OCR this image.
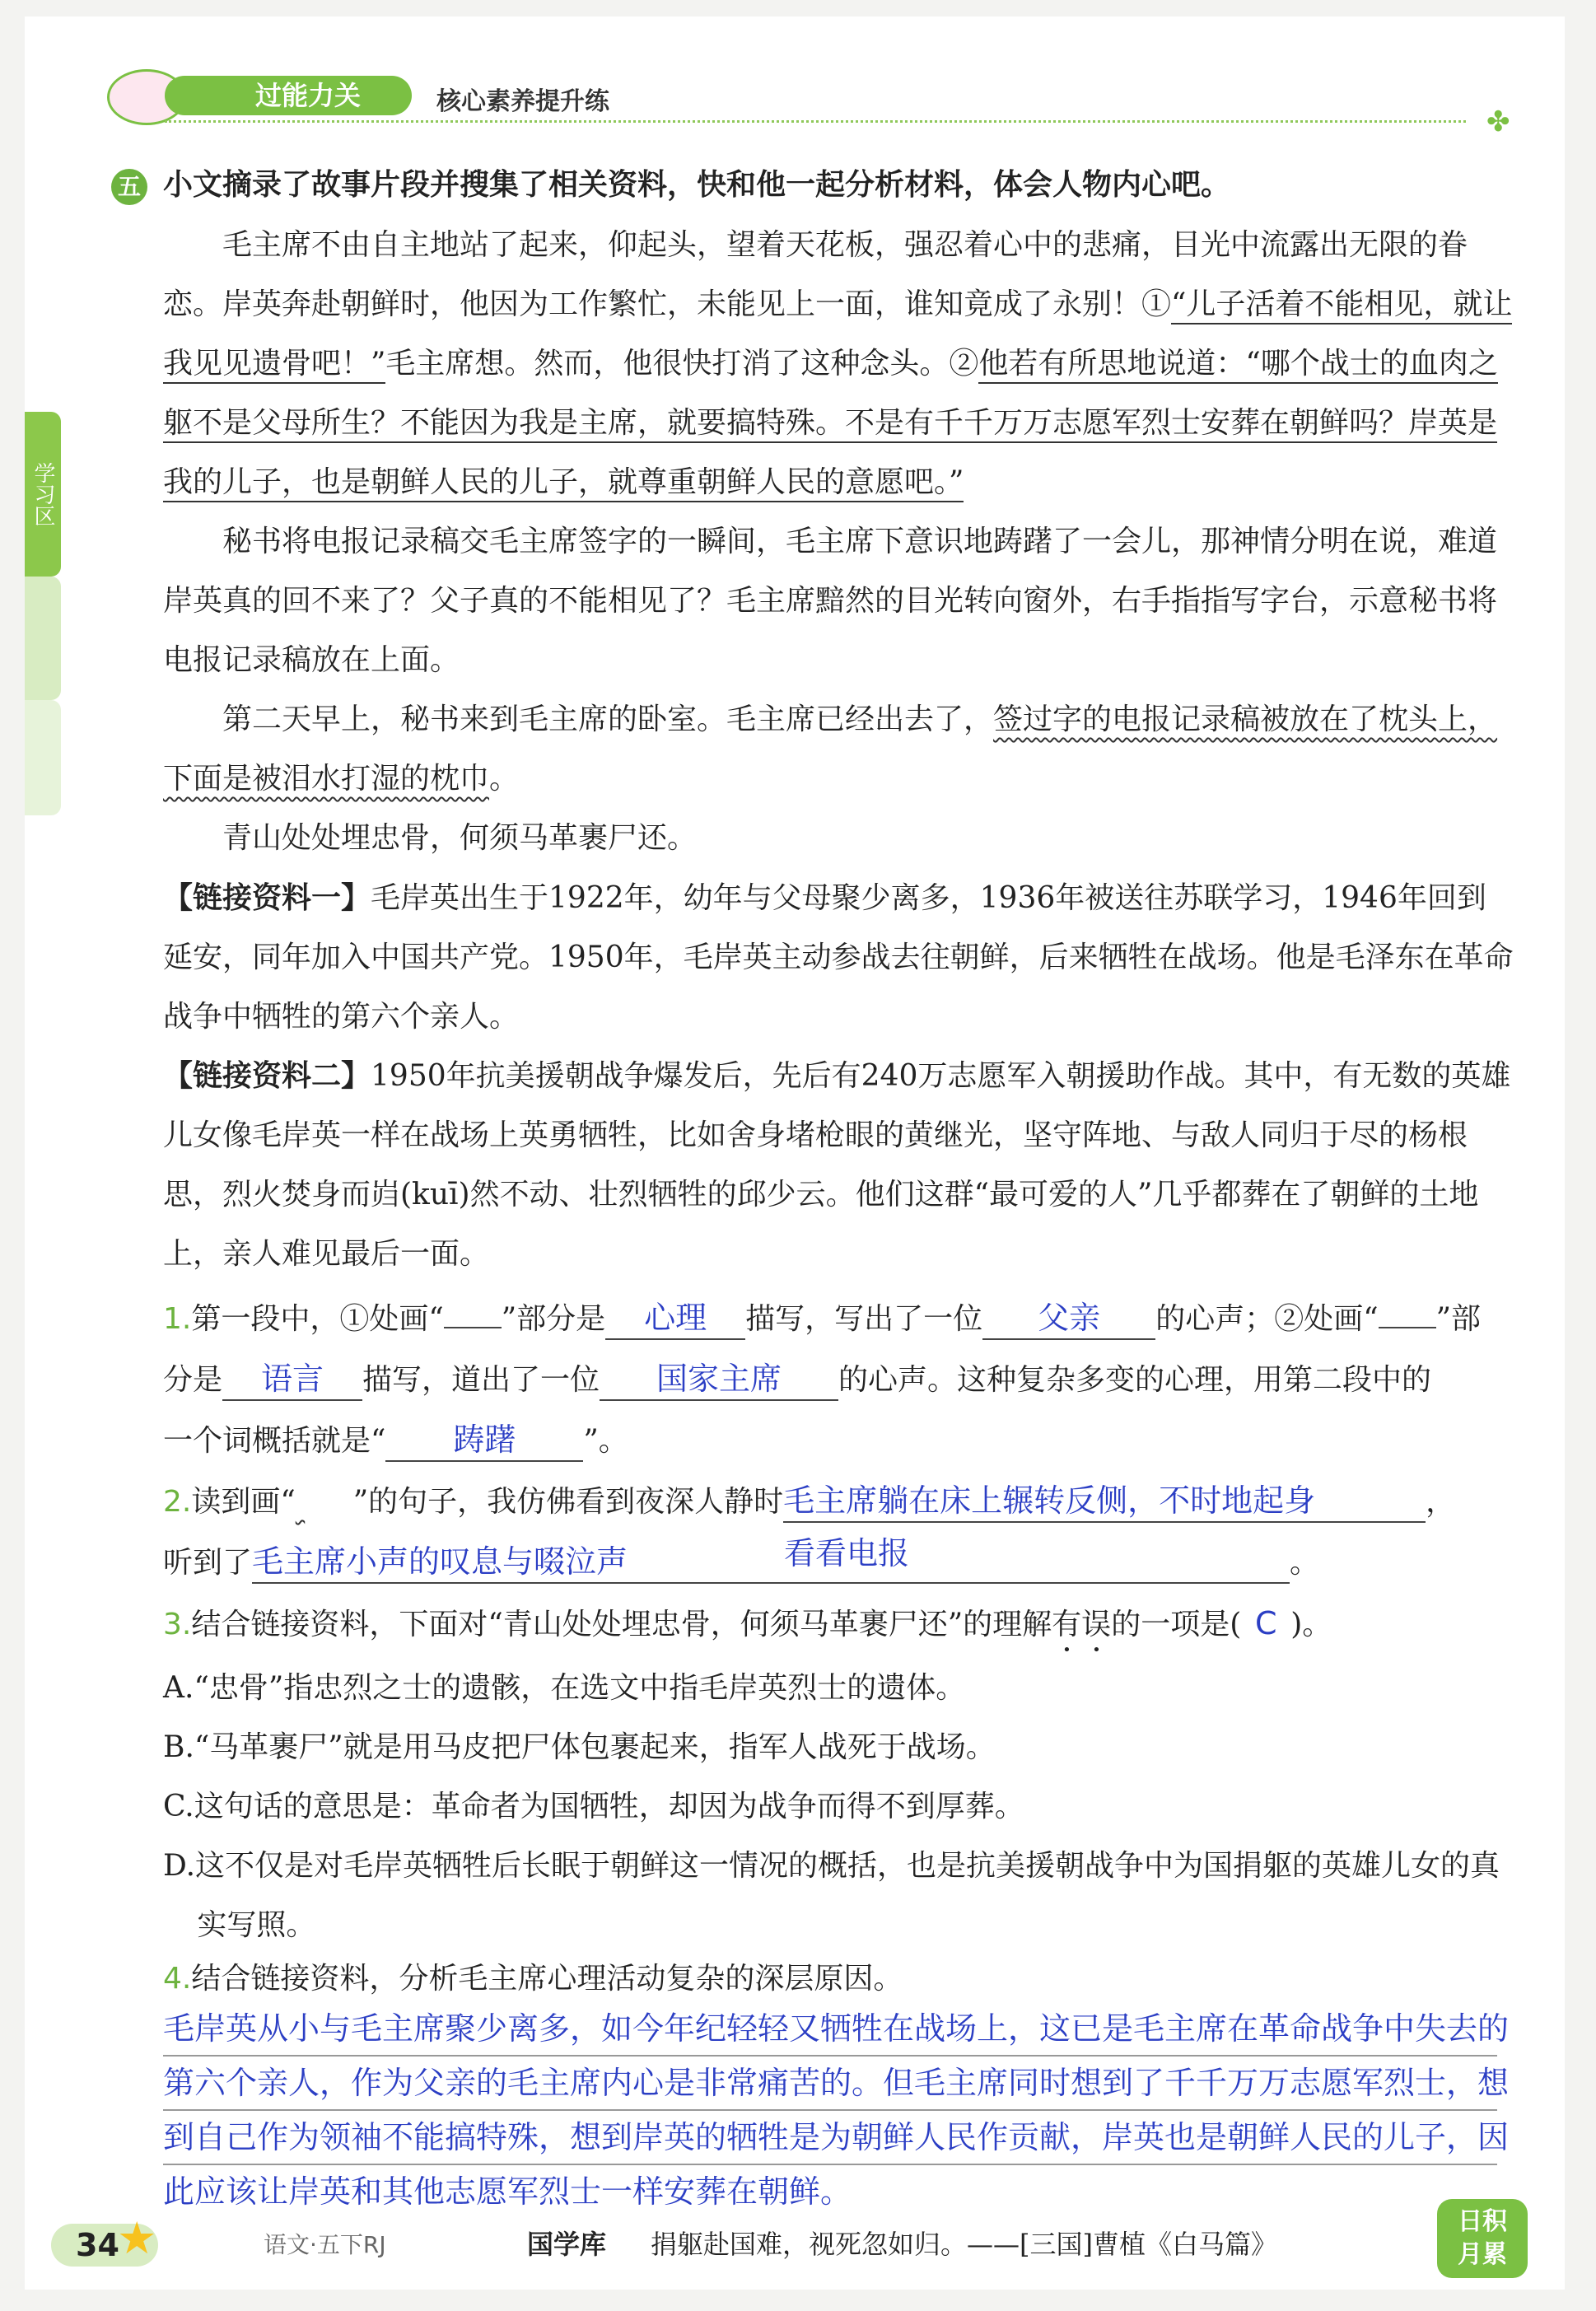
过能力关	核心素养提升练
✤
学习区
五 小文摘录了故事片段并搜集了相关资料，快和他一起分析材料，体会人物内心吧。

毛主席不由自主地站了起来，仰起头，望着天花板，强忍着心中的悲痛，目光中流露出无限的眷恋。岸英奔赴朝鲜时，他因为工作繁忙，未能见上一面，谁知竟成了永别！①“儿子活着不能相见，就让我见见遗骨吧！”毛主席想。然而，他很快打消了这种念头。②他若有所思地说道：“哪个战士的血肉之躯不是父母所生？不能因为我是主席，就要搞特殊。不是有千千万万志愿军烈士安葬在朝鲜吗？岸英是我的儿子，也是朝鲜人民的儿子，就尊重朝鲜人民的意愿吧。”

秘书将电报记录稿交毛主席签字的一瞬间，毛主席下意识地踌躇了一会儿，那神情分明在说，难道岸英真的回不来了？父子真的不能相见了？毛主席黯然的目光转向窗外，右手指指写字台，示意秘书将电报记录稿放在上面。

第二天早上，秘书来到毛主席的卧室。毛主席已经出去了，签过字的电报记录稿被放在了枕头上，下面是被泪水打湿的枕巾。

青山处处埋忠骨，何须马革裹尸还。

【链接资料一】毛岸英出生于1922年，幼年与父母聚少离多，1936年被送往苏联学习，1946年回到延安，同年加入中国共产党。1950年，毛岸英主动参战去往朝鲜，后来牺牲在战场。他是毛泽东在革命战争中牺牲的第六个亲人。

【链接资料二】1950年抗美援朝战争爆发后，先后有240万志愿军入朝援助作战。其中，有无数的英雄儿女像毛岸英一样在战场上英勇牺牲，比如舍身堵枪眼的黄继光，坚守阵地、与敌人同归于尽的杨根思，烈火焚身而岿(kuī)然不动、壮烈牺牲的邱少云。他们这群“最可爱的人”几乎都葬在了朝鲜的土地上，亲人难见最后一面。

1.第一段中，①处画“ ”部分是 心理 描写，写出了一位 父亲 的心声；②处画“ ”部
分是 语言 描写，道出了一位 国家主席 的心声。这种复杂多变的心理，用第二段中的
一个词概括就是“ 踌躇 ”。
2.读到画“ ”的句子，我仿佛看到夜深人静时毛主席躺在床上辗转反侧，不时地起身	，
听到了毛主席小声的叹息与啜泣声	看看电报	。
3.结合链接资料，下面对“青山处处埋忠骨，何须马革裹尸还”的理解有误的一项是( C )。
A.“忠骨”指忠烈之士的遗骸，在选文中指毛岸英烈士的遗体。
B.“马革裹尸”就是用马皮把尸体包裹起来，指军人战死于战场。
C.这句话的意思是：革命者为国牺牲，却因为战争而得不到厚葬。

D.这不仅是对毛岸英牺牲后长眠于朝鲜这一情况的概括，也是抗美援朝战争中为国捐躯的英雄儿女的真实写照。
4.结合链接资料，分析毛主席心理活动复杂的深层原因。
毛岸英从小与毛主席聚少离多，如今年纪轻轻又牺牲在战场上，这已是毛主席在革命战争中失去的第六个亲人，作为父亲的毛主席内心是非常痛苦的。但毛主席同时想到了千千万万志愿军烈士，想到自己作为领袖不能搞特殊，想到岸英的牺牲是为朝鲜人民作贡献，岸英也是朝鲜人民的儿子，因此应该让岸英和其他志愿军烈士一样安葬在朝鲜。
34
★	语文·五下RJ	国学库 捐躯赴国难，视死忽如归。——[三国]曹植《白马篇》
日积
月累
